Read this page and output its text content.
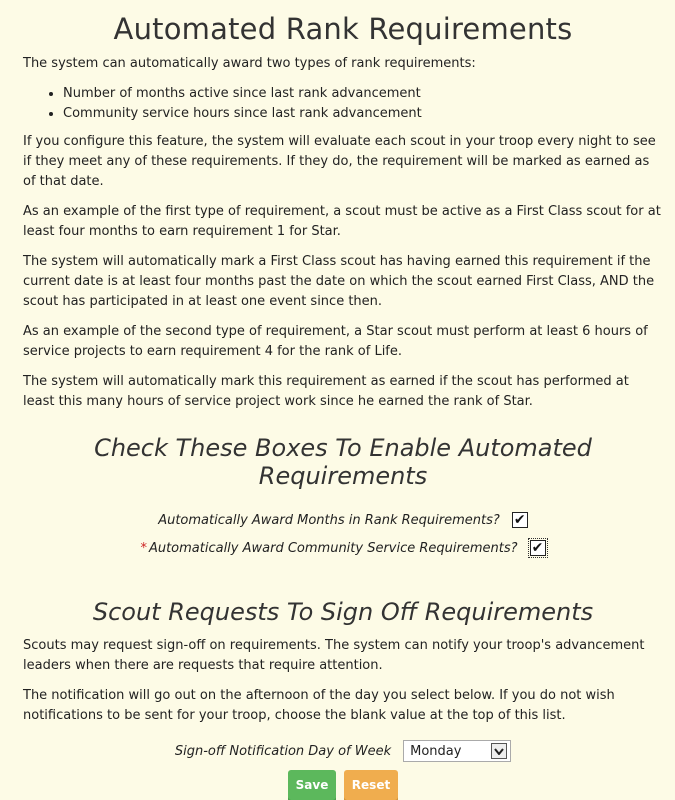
Automated Rank Requirements

The system can automatically award two types of rank requirements:

• Number of months active since last rank advancement
• Community service hours since last rank advancement

If you configure this feature, the system will evaluate each scout in your troop every night to see if they meet any of these requirements. If they do, the requirement will be marked as earned as of that date.

As an example of the first type of requirement, a scout must be active as a First Class scout for at least four months to earn requirement 1 for Star.

The system will automatically mark a First Class scout has having earned this requirement if the current date is at least four months past the date on which the scout earned First Class, AND the scout has participated in at least one event since then.

As an example of the second type of requirement, a Star scout must perform at least 6 hours of service projects to earn requirement 4 for the rank of Life.

The system will automatically mark this requirement as earned if the scout has performed at least this many hours of service project work since he earned the rank of Star.

Check These Boxes To Enable Automated Requirements
Automatically Award Months in Rank Requirements? ✔
* Automatically Award Community Service Requirements? ✔
Scout Requests To Sign Off Requirements

Scouts may request sign-off on requirements. The system can notify your troop's advancement leaders when there are requests that require attention.

The notification will go out on the afternoon of the day you select below. If you do not wish notifications to be sent for your troop, choose the blank value at the top of this list.

Sign-off Notification Day of Week Monday
Save	Reset
